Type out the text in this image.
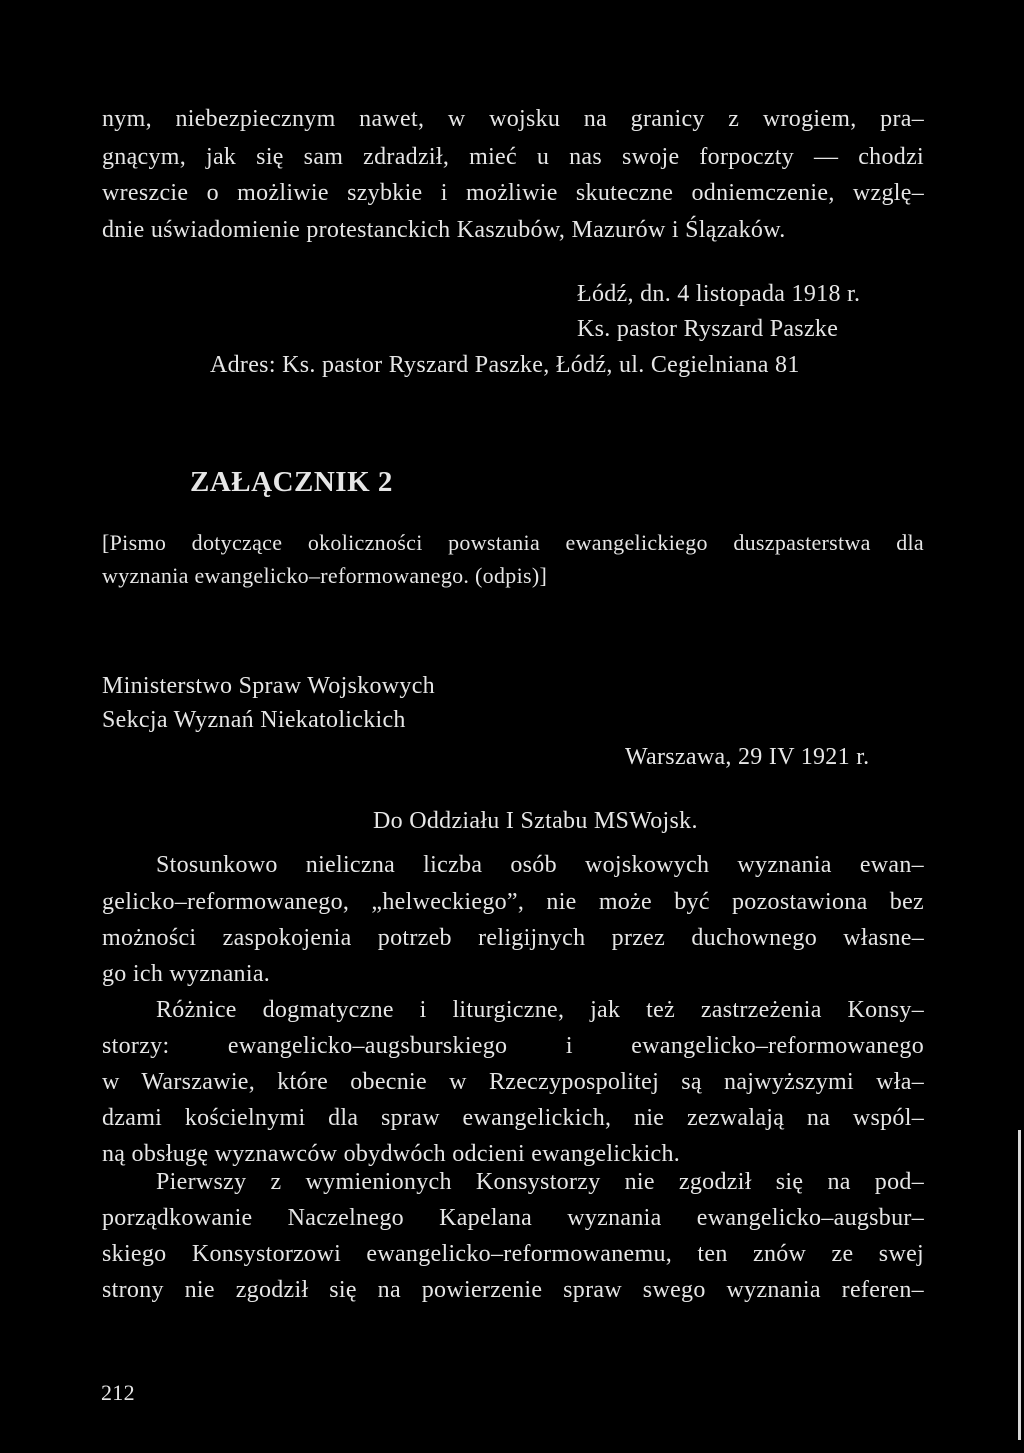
nym, niebezpiecznym nawet, w wojsku na granicy z wrogiem, pra–
gnącym, jak się sam zdradził, mieć u nas swoje forpoczty — chodzi
wreszcie o możliwie szybkie i możliwie skuteczne odniemczenie, wzglę–
dnie uświadomienie protestanckich Kaszubów, Mazurów i Ślązaków.
Łódź, dn. 4 listopada 1918 r.
Ks. pastor Ryszard Paszke
Adres: Ks. pastor Ryszard Paszke, Łódź, ul. Cegielniana 81
ZAŁĄCZNIK 2
[Pismo dotyczące okoliczności powstania ewangelickiego duszpasterstwa dla
wyznania ewangelicko–reformowanego. (odpis)]
Ministerstwo Spraw Wojskowych
Sekcja Wyznań Niekatolickich
Warszawa, 29 IV 1921 r.
Do Oddziału I Sztabu MSWojsk.
Stosunkowo nieliczna liczba osób wojskowych wyznania ewan–
gelicko–reformowanego, „helweckiego”, nie może być pozostawiona bez
możności zaspokojenia potrzeb religijnych przez duchownego własne–
go ich wyznania.
Różnice dogmatyczne i liturgiczne, jak też zastrzeżenia Konsy–
storzy: ewangelicko–augsburskiego i ewangelicko–reformowanego
w Warszawie, które obecnie w Rzeczypospolitej są najwyższymi wła–
dzami kościelnymi dla spraw ewangelickich, nie zezwalają na wspól–
ną obsługę wyznawców obydwóch odcieni ewangelickich.
Pierwszy z wymienionych Konsystorzy nie zgodził się na pod–
porządkowanie Naczelnego Kapelana wyznania ewangelicko–augsbur–
skiego Konsystorzowi ewangelicko–reformowanemu, ten znów ze swej
strony nie zgodził się na powierzenie spraw swego wyznania referen–
212
